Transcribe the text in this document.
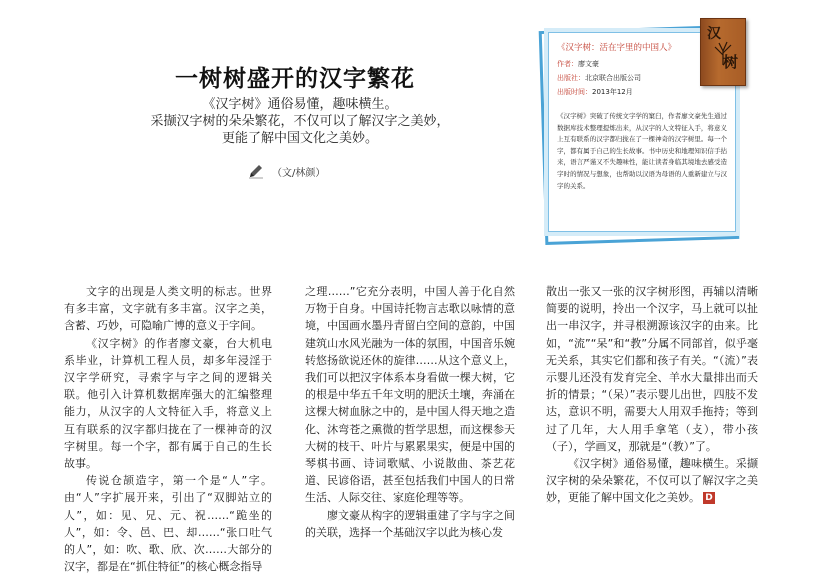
一树树盛开的汉字繁花
《汉字树》通俗易懂，趣味横生。
采撷汉字树的朵朵繁花，不仅可以了解汉字之美妙，
更能了解中国文化之美妙。
（文/林颜）
《汉字树：活在字里的中国人》
作者：廖文豪
出版社：北京联合出版公司
出版时间：2013年12月
《汉字树》突破了传统文字学的窠臼，作者廖文豪先生通过数据库技术整理提炼出来，从汉字的人文特征入手，将意义上互有联系的汉字都归拢在了一棵神奇的汉字树里。每一个字，都有属于自己的生长故事。书中历史和地理知识信手拈来，语言严谨又不失趣味性，能让读者身临其境地去感受造字时的情况与想象，也帮助以汉语为母语的人重新建立与汉字的关系。
汉
树

文字的出现是人类文明的标志。世界有多丰富，文字就有多丰富。汉字之美，含蓄、巧妙，可隐喻广博的意义于字间。

《汉字树》的作者廖文豪，台大机电系毕业，计算机工程人员，却多年浸淫于汉字学研究，寻索字与字之间的逻辑关联。他引入计算机数据库强大的汇编整理能力，从汉字的人文特征入手，将意义上互有联系的汉字都归拢在了一棵神奇的汉字树里。每一个字，都有属于自己的生长故事。

传说仓颉造字，第一个是“人”字。由“人”字扩展开来，引出了“双脚站立的人”，如：见、兄、元、祝……“跪坐的人”，如：令、邑、巴、却……“张口吐气的人”，如：吹、歌、欣、次……大部分的汉字，都是在“抓住特征”的核心概念指导

之理……”它充分表明，中国人善于化自然万物于自身。中国诗托物言志歌以咏情的意境，中国画水墨丹青留白空间的意韵，中国建筑山水风光融为一体的氛围，中国音乐婉转悠扬欲说还休的旋律……从这个意义上，我们可以把汉字体系本身看做一棵大树，它的根是中华五千年文明的肥沃土壤，奔涌在这棵大树血脉之中的，是中国人得天地之造化、沐弯苍之熏微的哲学思想，而这棵参天大树的枝干、叶片与累累果实，便是中国的琴棋书画、诗词歌赋、小说散曲、茶艺花道、民谚俗语，甚至包括我们中国人的日常生活、人际交往、家庭伦理等等。

廖文豪从构字的逻辑重建了字与字之间的关联，选择一个基础汉字以此为核心发

散出一张又一张的汉字树形图，再辅以清晰简要的说明，拎出一个汉字，马上就可以扯出一串汉字，并寻根溯源该汉字的由来。比如，“流”“呆”和“教”分属不同部首，似乎毫无关系，其实它们都和孩子有关。“（流）”表示婴儿还没有发育完全、羊水大量排出而夭折的情景；“（呆）”表示婴儿出世，四肢不发达，意识不明，需要大人用双手拖持；等到过了几年，大人用手拿笔（攴），带小孩（子），学画叉，那就是“（教）”了。

《汉字树》通俗易懂，趣味横生。采撷汉字树的朵朵繁花，不仅可以了解汉字之美妙，更能了解中国文化之美妙。 D
